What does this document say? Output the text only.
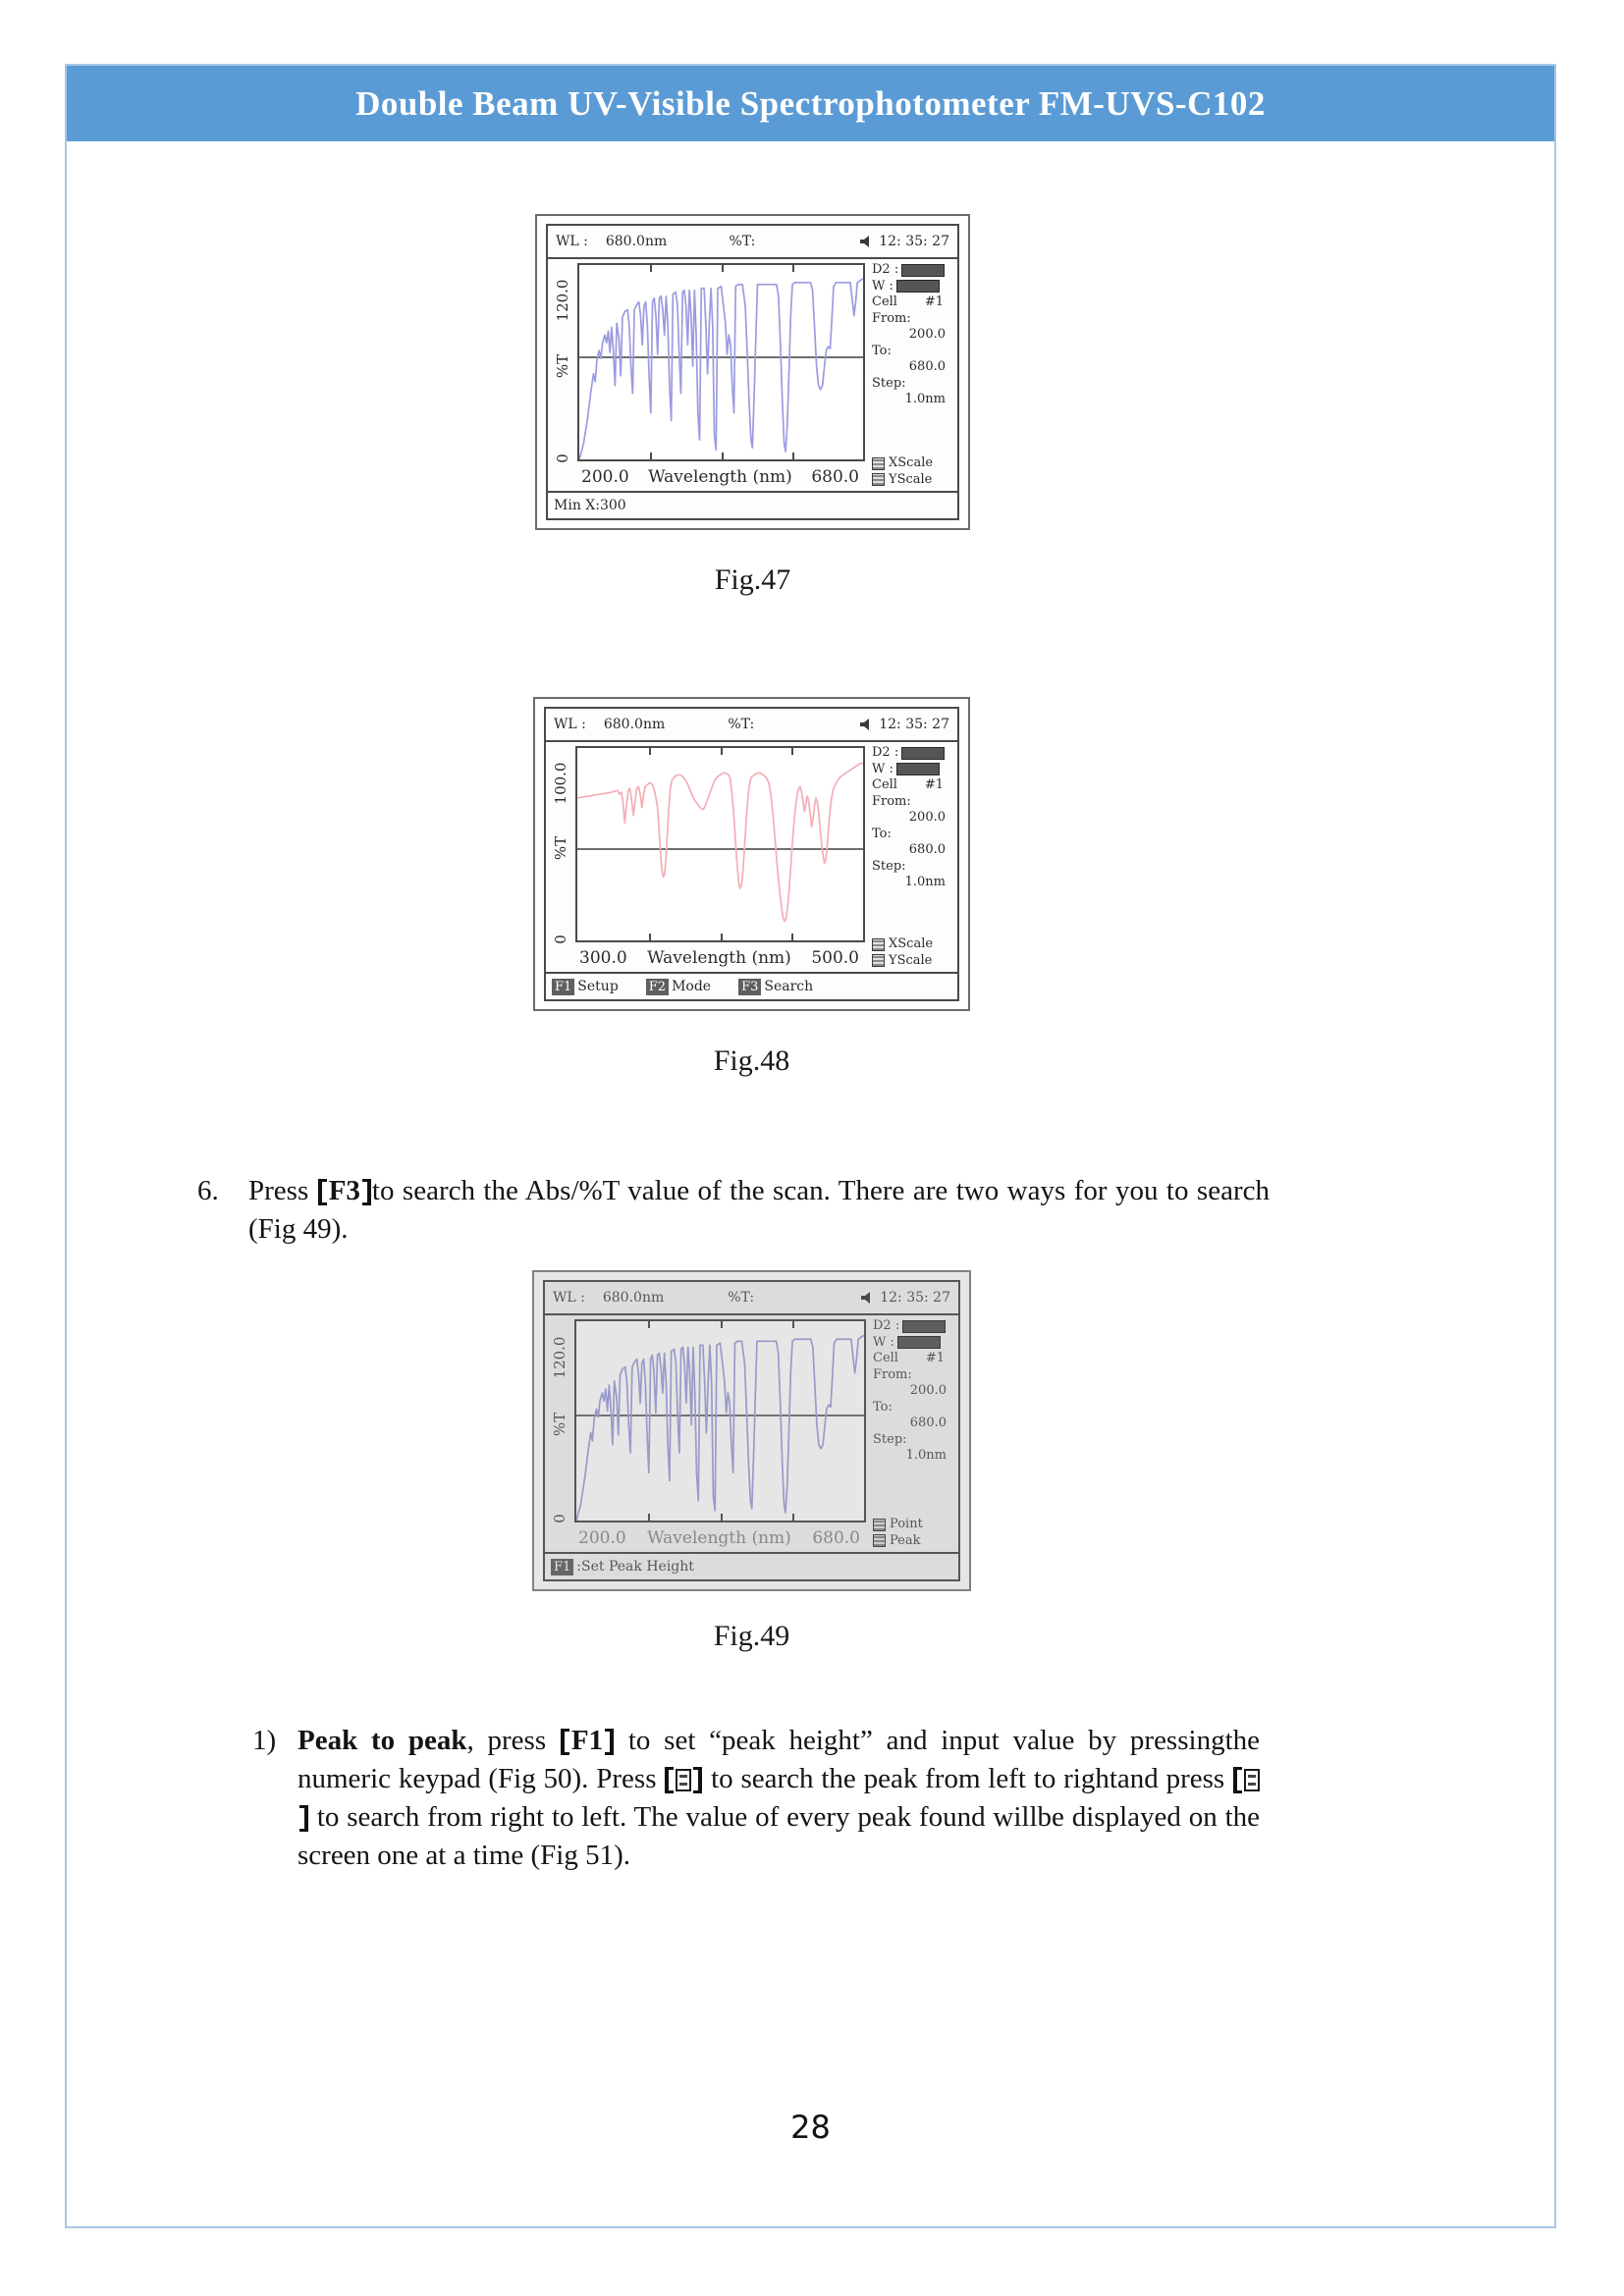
Double Beam UV-Visible Spectrophotometer FM-UVS-C102
WL : 680.0nm	%T:	12: 35: 27
120.0
%T
0
200.0 Wavelength (nm) 680.0
D2 :
W :
Cell #1
From:
200.0
To:
680.0
Step:
1.0nm
XScale
YScale
Min X:300
Fig.47
WL : 680.0nm	%T:	12: 35: 27
100.0
%T
0
300.0 Wavelength (nm) 500.0
D2 :
W :
Cell #1
From:
200.0
To:
680.0
Step:
1.0nm
XScale
YScale
F1 Setup F2 Mode F3 Search
Fig.48
6.	Press F3 to search the Abs/%T value of the scan. There are two ways for you to search (Fig 49).
WL : 680.0nm	%T:	12: 35: 27
120.0
%T
0
200.0 Wavelength (nm) 680.0
D2 :
W :
Cell #1
From:
200.0
To:
680.0
Step:
1.0nm
Point
Peak
F1 :Set Peak Height
Fig.49
1) Peak to peak, press F1 to set “peak height” and input value by pressingthe numeric keypad (Fig 50). Press  to search the peak from left to rightand press  to search from right to left. The value of every peak found willbe displayed on the screen one at a time (Fig 51).
28
